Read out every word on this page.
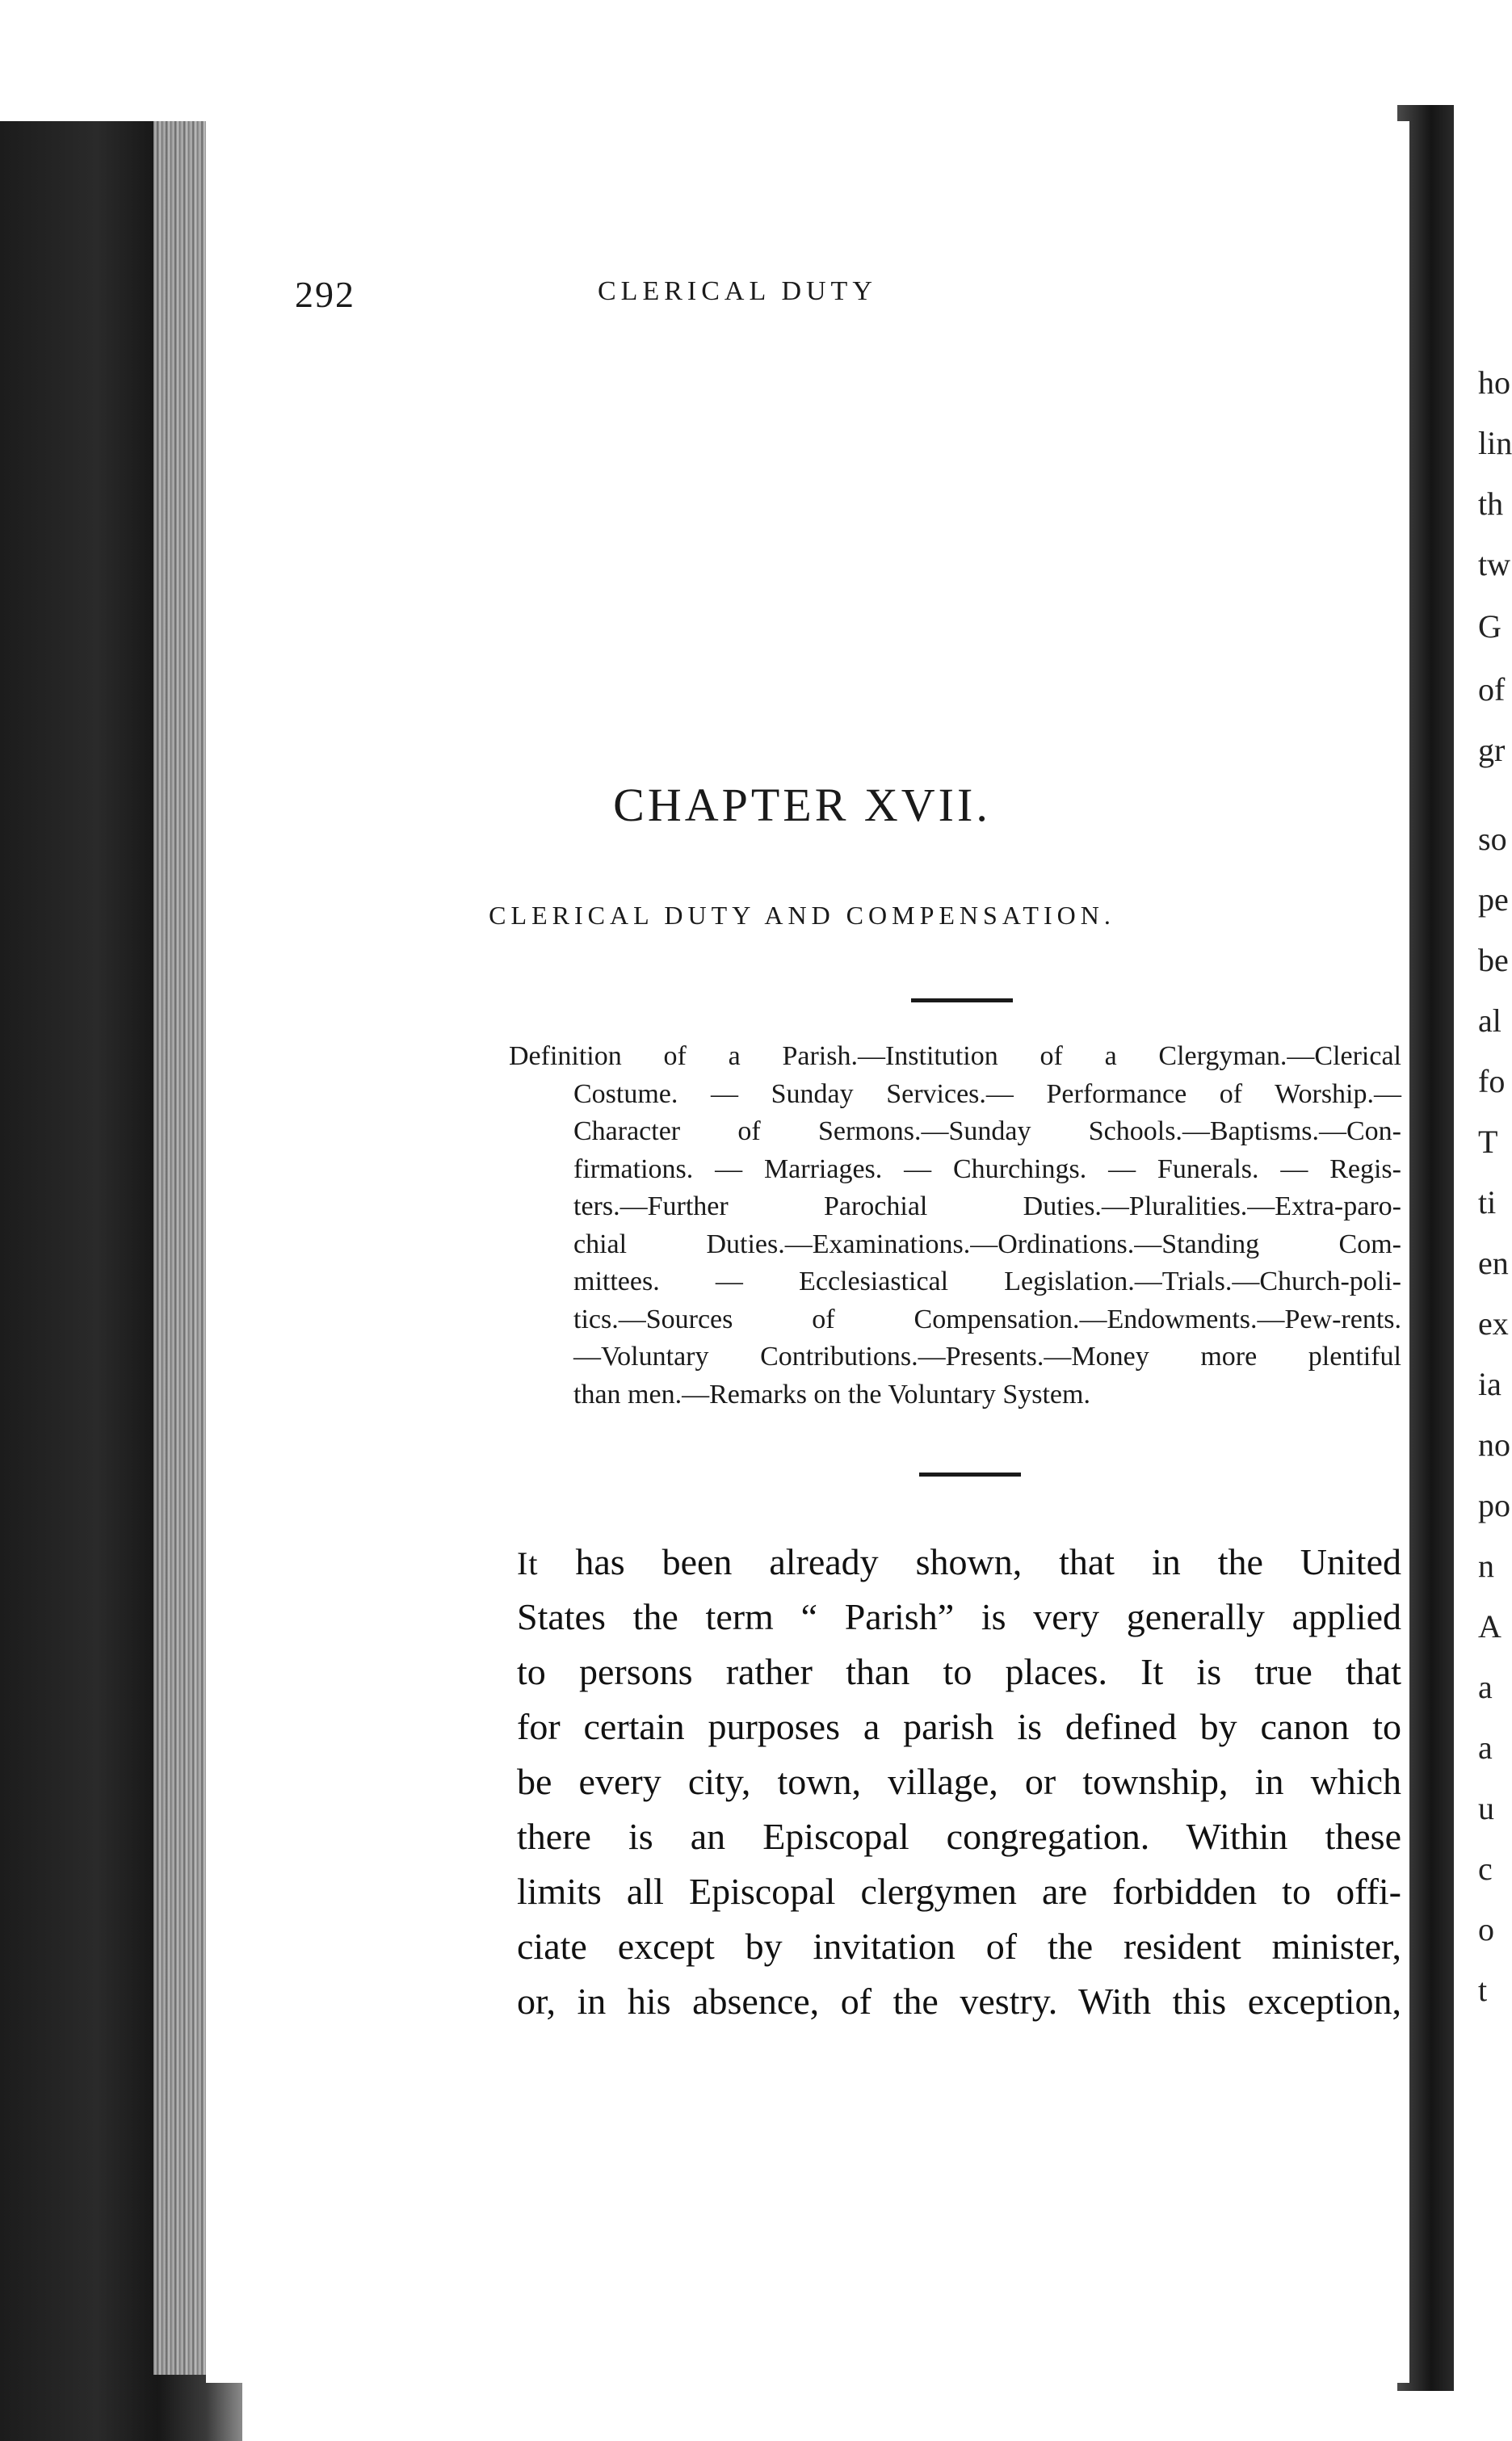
ho
lin
th
tw
G
of
gr
so
pe
be
al
fo
T
ti
en
ex
ia
no
po
n
A
a
a
u
c
o
t
292	CLERICAL DUTY
CHAPTER XVII.
CLERICAL DUTY AND COMPENSATION.
Definition of a Parish.—Institution of a Clergyman.—Clerical
Costume. — Sunday Services.— Performance of Worship.—
Character of Sermons.—Sunday Schools.—Baptisms.—Con-
firmations. — Marriages. — Churchings. — Funerals. — Regis-
ters.—Further Parochial Duties.—Pluralities.—Extra-paro-
chial Duties.—Examinations.—Ordinations.—Standing Com-
mittees. — Ecclesiastical Legislation.—Trials.—Church-poli-
tics.—Sources of Compensation.—Endowments.—Pew-rents.
—Voluntary Contributions.—Presents.—Money more plentiful
than men.—Remarks on the Voluntary System.
It has been already shown, that in the United
States the term “ Parish” is very generally applied
to persons rather than to places. It is true that
for certain purposes a parish is defined by canon to
be every city, town, village, or township, in which
there is an Episcopal congregation. Within these
limits all Episcopal clergymen are forbidden to offi-
ciate except by invitation of the resident minister,
or, in his absence, of the vestry. With this exception,
